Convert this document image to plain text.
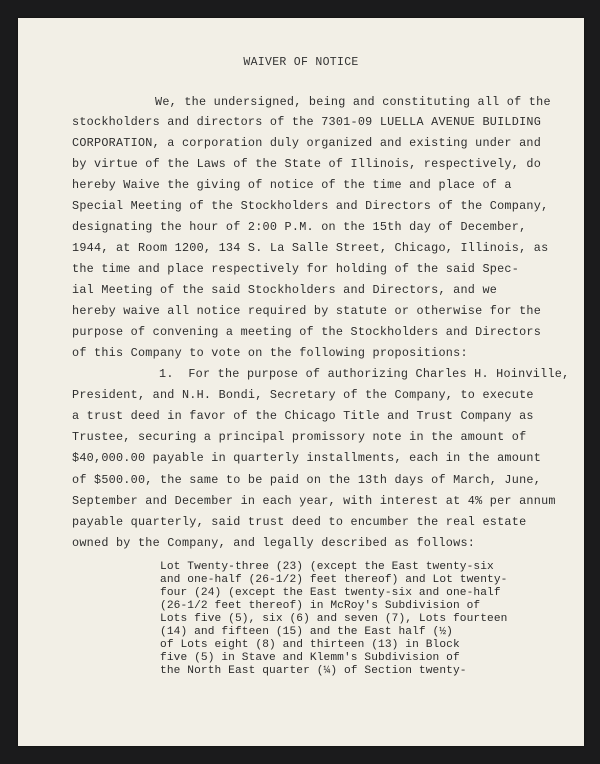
WAIVER OF NOTICE
We, the undersigned, being and constituting all of the
stockholders and directors of the 7301-09 LUELLA AVENUE BUILDING
CORPORATION, a corporation duly organized and existing under and
by virtue of the Laws of the State of Illinois, respectively, do
hereby Waive the giving of notice of the time and place of a
Special Meeting of the Stockholders and Directors of the Company,
designating the hour of 2:00 P.M. on the 15th day of December,
1944, at Room 1200, 134 S. La Salle Street, Chicago, Illinois, as
the time and place respectively for holding of the said Spec-
ial Meeting of the said Stockholders and Directors, and we
hereby waive all notice required by statute or otherwise for the
purpose of convening a meeting of the Stockholders and Directors
of this Company to vote on the following propositions:
1.  For the purpose of authorizing Charles H. Hoinville,
President, and N.H. Bondi, Secretary of the Company, to execute
a trust deed in favor of the Chicago Title and Trust Company as
Trustee, securing a principal promissory note in the amount of
$40,000.00 payable in quarterly installments, each in the amount
of $500.00, the same to be paid on the 13th days of March, June,
September and December in each year, with interest at 4% per annum
payable quarterly, said trust deed to encumber the real estate
owned by the Company, and legally described as follows:
Lot Twenty-three (23) (except the East twenty-six
and one-half (26-1/2) feet thereof) and Lot twenty-
four (24) (except the East twenty-six and one-half
(26-1/2 feet thereof) in McRoy's Subdivision of
Lots five (5), six (6) and seven (7), Lots fourteen
(14) and fifteen (15) and the East half (½)
of Lots eight (8) and thirteen (13) in Block
five (5) in Stave and Klemm's Subdivision of
the North East quarter (¼) of Section twenty-
